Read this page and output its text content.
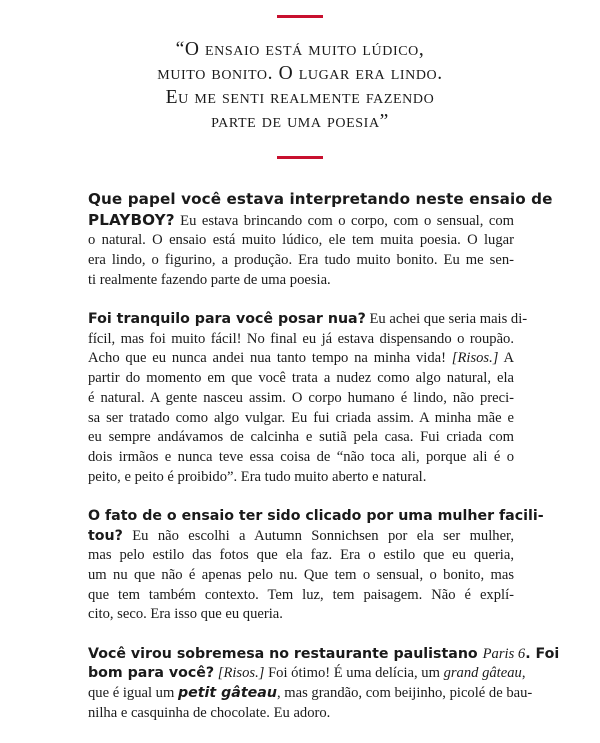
“O ensaio está muito lúdico,
muito bonito. O lugar era lindo.
Eu me senti realmente fazendo
parte de uma poesia”
Que papel você estava interpretando neste ensaio de
PLAYBOY? Eu estava brincando com o corpo, com o sensual, com
o natural. O ensaio está muito lúdico, ele tem muita poesia. O lugar
era lindo, o figurino, a produção. Era tudo muito bonito. Eu me sen-
ti realmente fazendo parte de uma poesia.
Foi tranquilo para você posar nua? Eu achei que seria mais di-
fícil, mas foi muito fácil! No final eu já estava dispensando o roupão.
Acho que eu nunca andei nua tanto tempo na minha vida! [Risos.] A
partir do momento em que você trata a nudez como algo natural, ela
é natural. A gente nasceu assim. O corpo humano é lindo, não preci-
sa ser tratado como algo vulgar. Eu fui criada assim. A minha mãe e
eu sempre andávamos de calcinha e sutiã pela casa. Fui criada com
dois irmãos e nunca teve essa coisa de “não toca ali, porque ali é o
peito, e peito é proibido”. Era tudo muito aberto e natural.
O fato de o ensaio ter sido clicado por uma mulher facili-
tou? Eu não escolhi a Autumn Sonnichsen por ela ser mulher,
mas pelo estilo das fotos que ela faz. Era o estilo que eu queria,
um nu que não é apenas pelo nu. Que tem o sensual, o bonito, mas
que tem também contexto. Tem luz, tem paisagem. Não é explí-
cito, seco. Era isso que eu queria.
Você virou sobremesa no restaurante paulistano Paris 6. Foi
bom para você? [Risos.] Foi ótimo! É uma delícia, um grand gâteau,
que é igual um petit gâteau, mas grandão, com beijinho, picolé de bau-
nilha e casquinha de chocolate. Eu adoro.
